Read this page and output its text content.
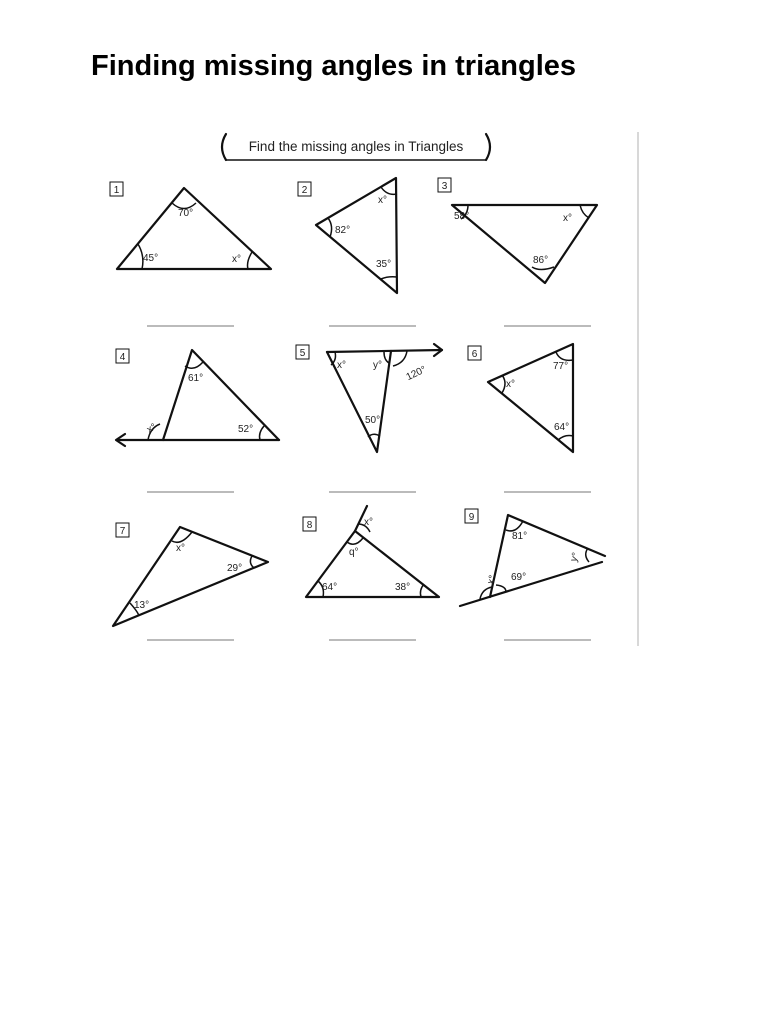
Finding missing angles in triangles
Find the missing angles in Triangles
1
70°
45°	x°
2
x°
82°
35°
3
58°	x°
86°
4
61°
x°	52°
5
x°	y° 120°
50°
6
77°
x°
64°
7
x°
29°
13°
8	x°
q°
64°	38°
9
81°
x° 69°
y°
